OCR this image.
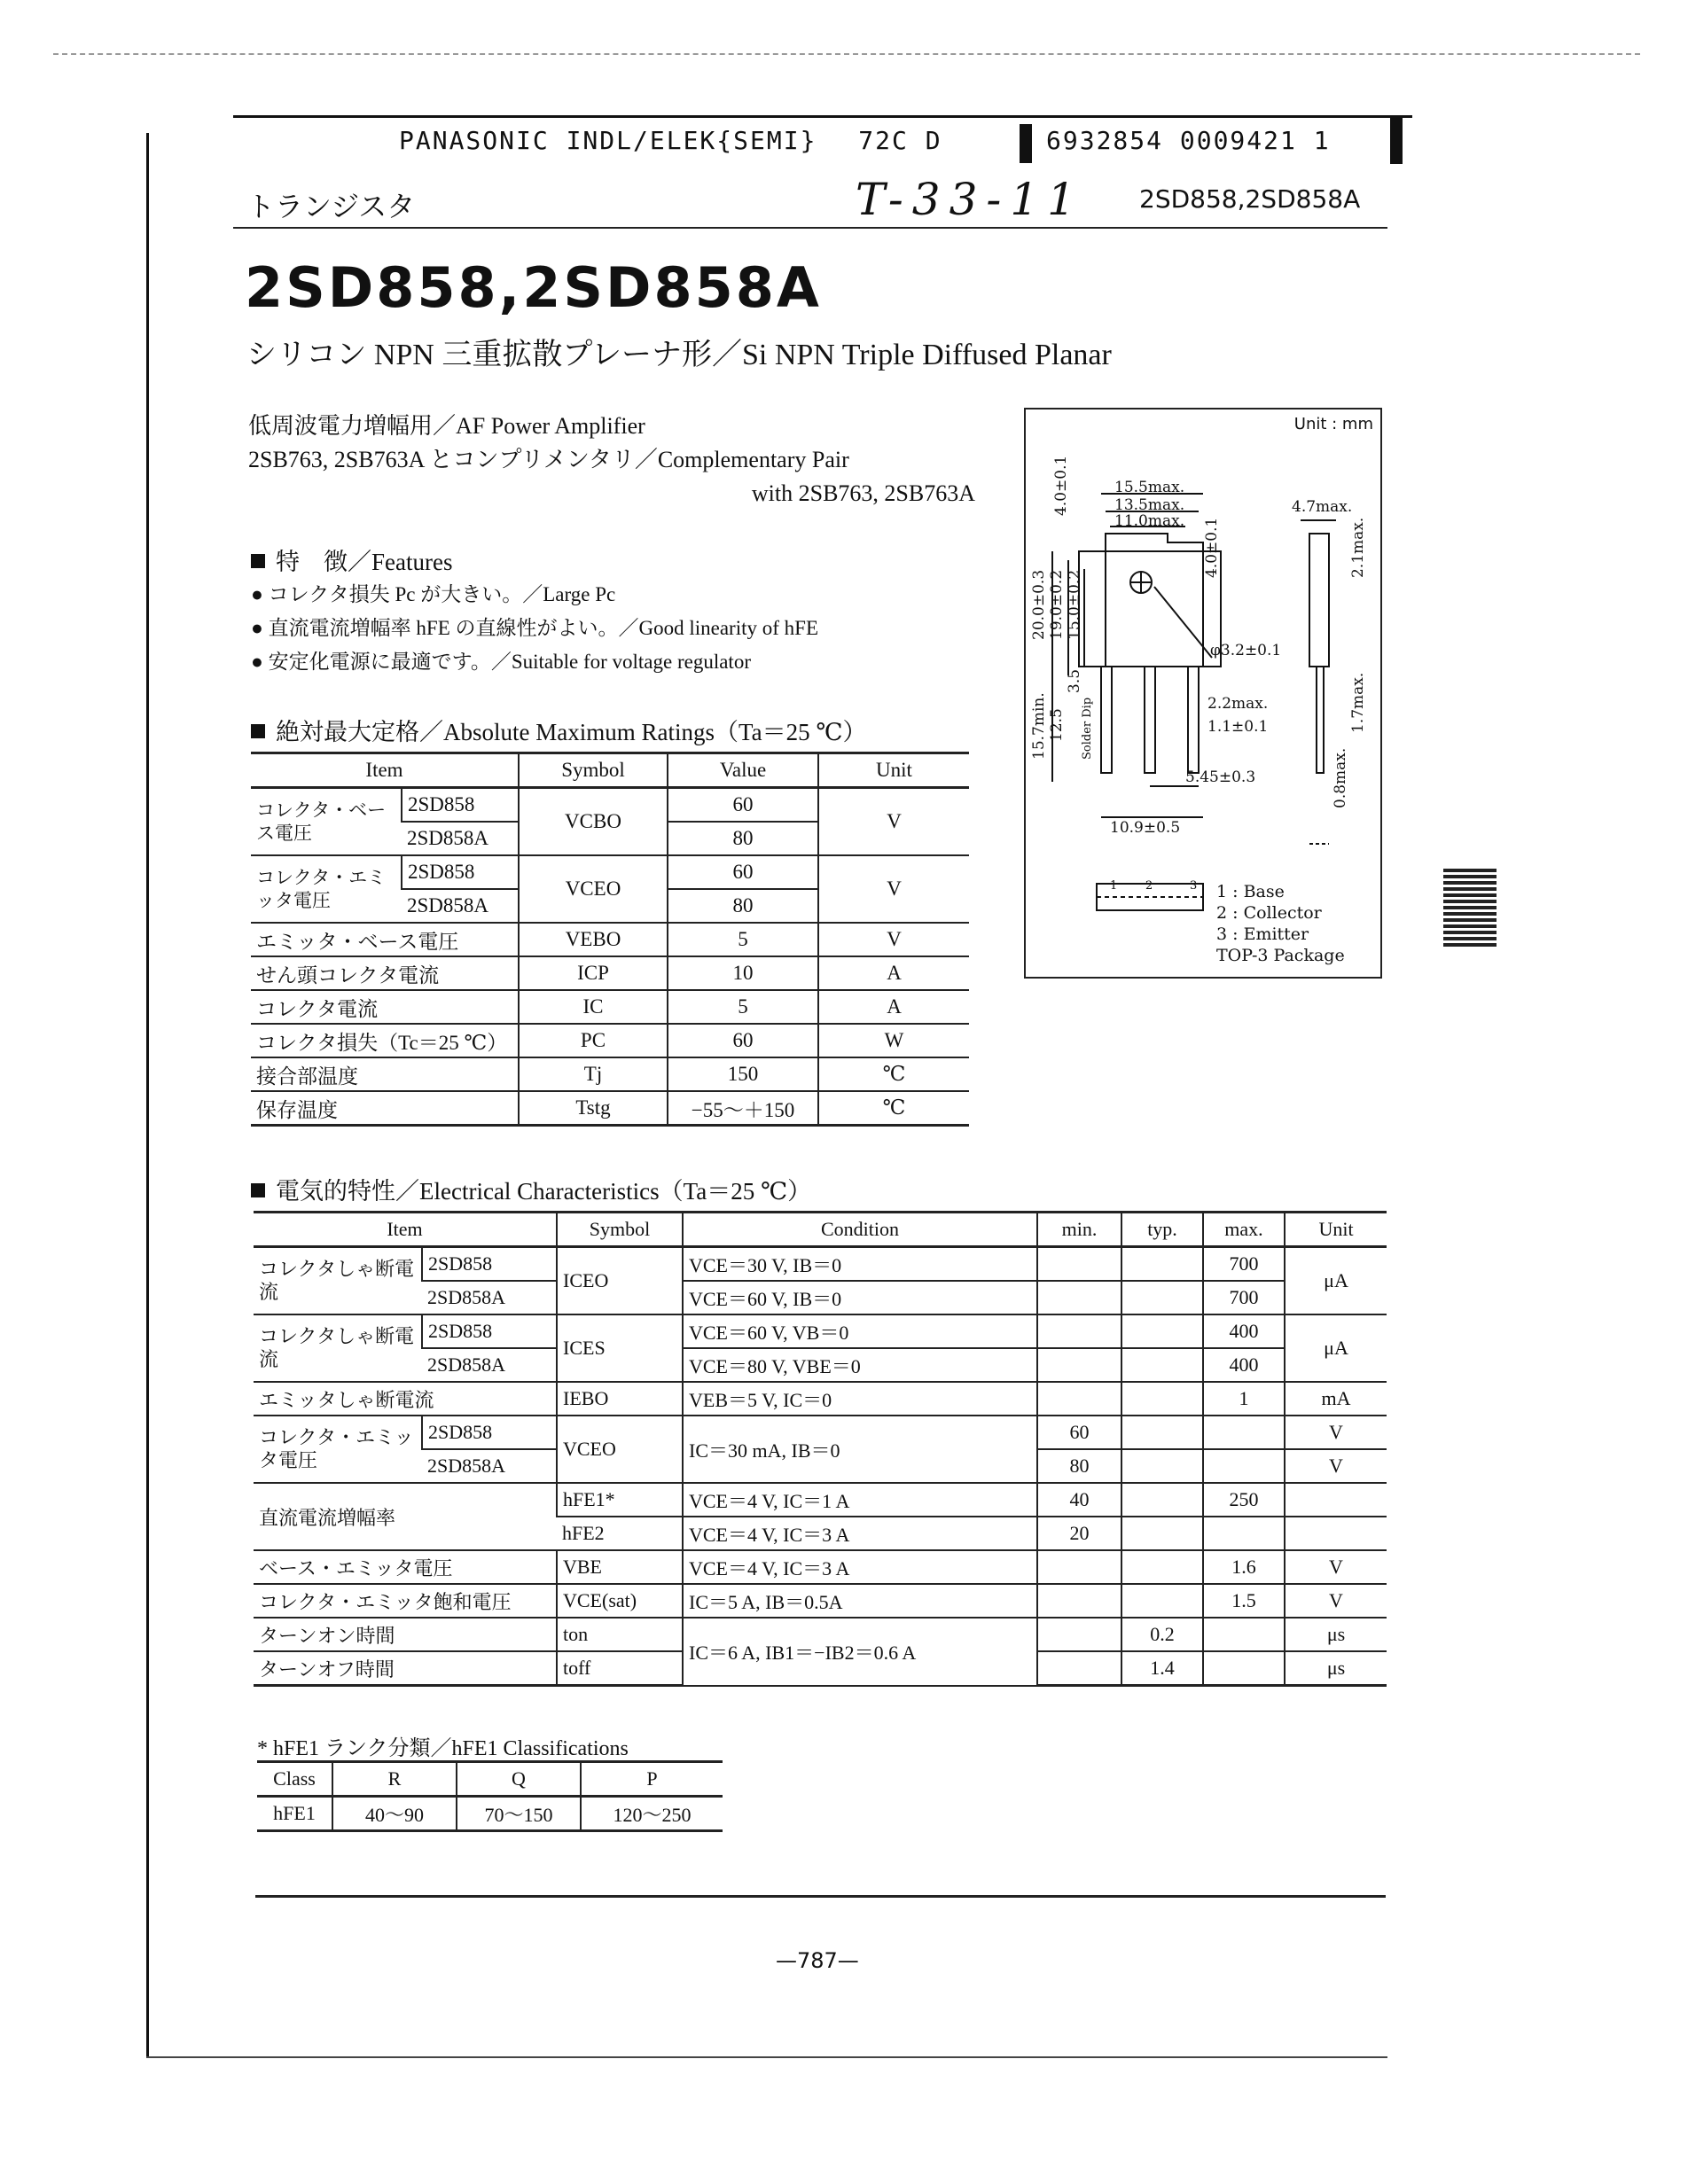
PANASONIC INDL/ELEK{SEMI} 72C D	6932854 0009421 1
トランジスタ	T-33-11 2SD858,2SD858A
2SD858,2SD858A
シリコン NPN 三重拡散プレーナ形／Si NPN Triple Diffused Planar
低周波電力増幅用／AF Power Amplifier
2SB763, 2SB763A とコンプリメンタリ／Complementary Pair
with 2SB763, 2SB763A
特　徴／Features
● コレクタ損失 Pc が大きい。／Large Pc
● 直流電流増幅率 hFE の直線性がよい。／Good linearity of hFE
● 安定化電源に最適です。／Suitable for voltage regulator
絶対最大定格／Absolute Maximum Ratings（Ta＝25 ℃）
Item		Symbol	Value	Unit
コレクタ・ベース電圧	2SD858	VCBO	60	V
	2SD858A		80	
コレクタ・エミッタ電圧	2SD858	VCEO	60	V
	2SD858A		80	
エミッタ・ベース電圧		VEBO	5	V
せん頭コレクタ電流		ICP	10	A
コレクタ電流		IC	5	A
コレクタ損失（Tc＝25 ℃）		PC	60	W
接合部温度		Tj	150	℃
保存温度		Tstg	−55～＋150	℃
Unit : mm
15.5max.
13.5max.
11.0max.
4.7max.
φ3.2±0.1
2.2max.
1.1±0.1
5.45±0.3
10.9±0.5
4.0±0.1
4.0±0.1	2.1max.
20.0±0.3 19.0±0.2 15.0±0.2
15.7min. 12.5
3.5
Solder Dip	1.7max.
0.8max.
1 2	3 1 : Base
2 : Collector
3 : Emitter
TOP-3 Package
電気的特性／Electrical Characteristics（Ta＝25 ℃）
Item		Symbol	Condition	min.	typ.	max.	Unit
コレクタしゃ断電流	2SD858	ICEO	VCE＝30 V, IB＝0			700	μA
	2SD858A		VCE＝60 V, IB＝0			700	
コレクタしゃ断電流	2SD858	ICES	VCE＝60 V, VB＝0			400	μA
	2SD858A		VCE＝80 V, VBE＝0			400	
エミッタしゃ断電流		IEBO	VEB＝5 V, IC＝0			1	mA
コレクタ・エミッタ電圧	2SD858	VCEO	IC＝30 mA, IB＝0	60			V
	2SD858A			80			V
直流電流増幅率		hFE1*	VCE＝4 V, IC＝1 A	40		250	
		hFE2	VCE＝4 V, IC＝3 A	20			
ベース・エミッタ電圧		VBE	VCE＝4 V, IC＝3 A			1.6	V
コレクタ・エミッタ飽和電圧		VCE(sat)	IC＝5 A, IB＝0.5A			1.5	V
ターンオン時間		ton	IC＝6 A, IB1＝−IB2＝0.6 A		0.2		μs
ターンオフ時間		toff			1.4		μs
* hFE1 ランク分類／hFE1 Classifications
Class	R	Q	P
hFE1	40～90	70～150	120～250
—787—
